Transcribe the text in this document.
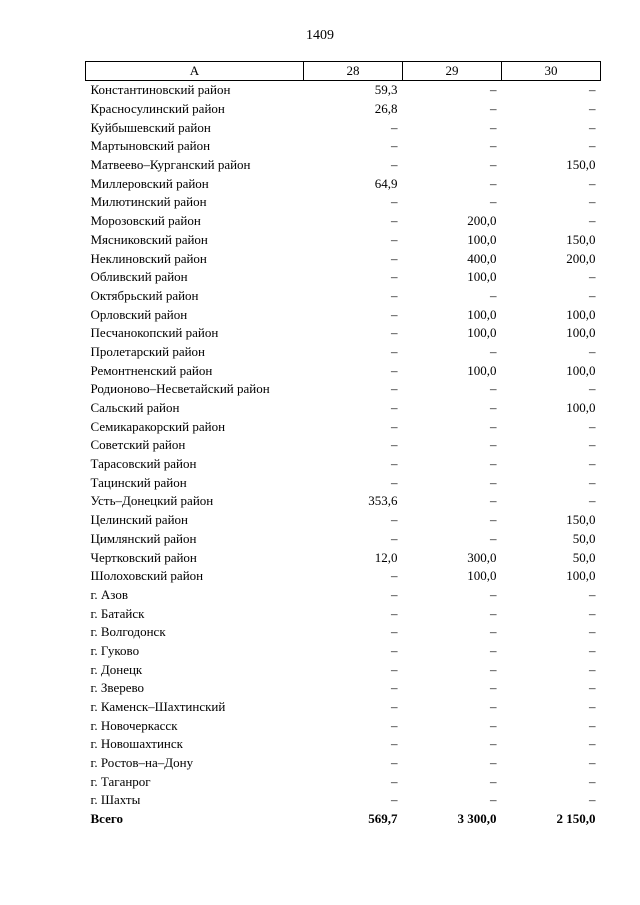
1409
A	28	29	30
Константиновский район	59,3	–	–
Красносулинский район	26,8	–	–
Куйбышевский район	–	–	–
Мартыновский район	–	–	–
Матвеево–Курганский район	–	–	150,0
Миллеровский район	64,9	–	–
Милютинский район	–	–	–
Морозовский район	–	200,0	–
Мясниковский район	–	100,0	150,0
Неклиновский район	–	400,0	200,0
Обливский район	–	100,0	–
Октябрьский район	–	–	–
Орловский район	–	100,0	100,0
Песчанокопский район	–	100,0	100,0
Пролетарский район	–	–	–
Ремонтненский район	–	100,0	100,0
Родионово–Несветайский район	–	–	–
Сальский район	–	–	100,0
Семикаракорский район	–	–	–
Советский район	–	–	–
Тарасовский район	–	–	–
Тацинский район	–	–	–
Усть–Донецкий район	353,6	–	–
Целинский район	–	–	150,0
Цимлянский район	–	–	50,0
Чертковский район	12,0	300,0	50,0
Шолоховский район	–	100,0	100,0
г. Азов	–	–	–
г. Батайск	–	–	–
г. Волгодонск	–	–	–
г. Гуково	–	–	–
г. Донецк	–	–	–
г. Зверево	–	–	–
г. Каменск–Шахтинский	–	–	–
г. Новочеркасск	–	–	–
г. Новошахтинск	–	–	–
г. Ростов–на–Дону	–	–	–
г. Таганрог	–	–	–
г. Шахты	–	–	–
Всего	569,7	3 300,0	2 150,0
